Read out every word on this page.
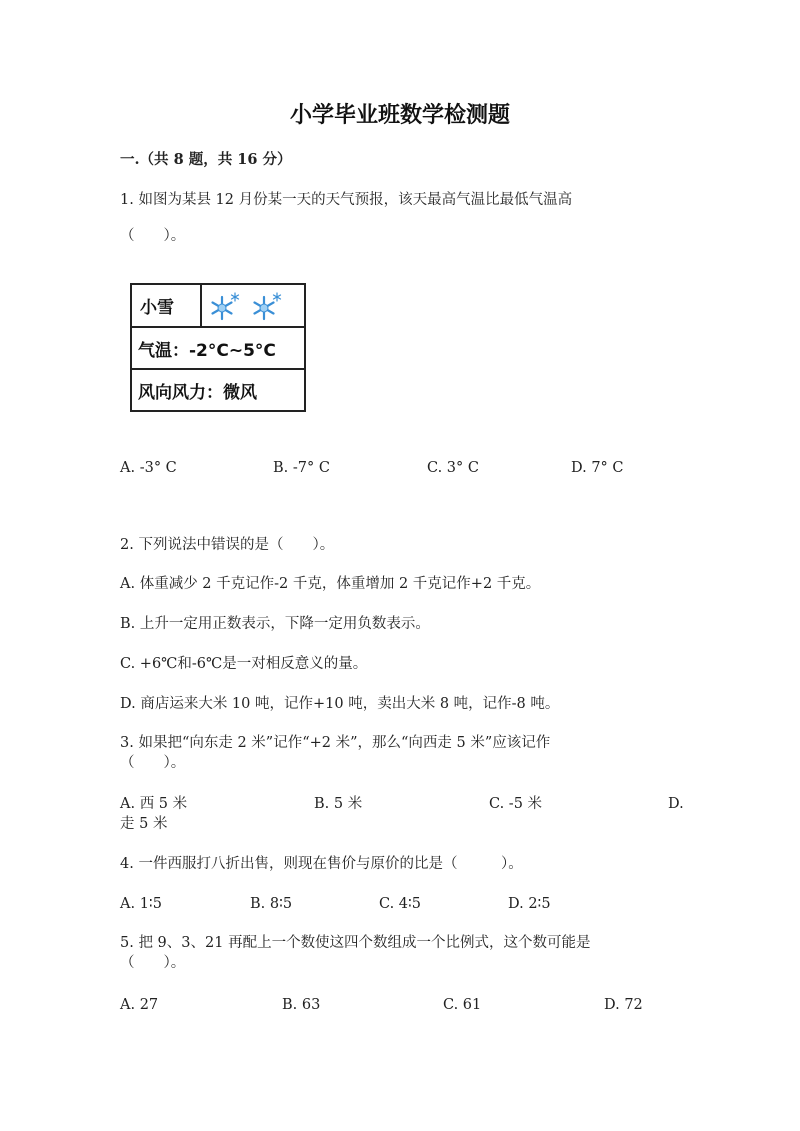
小学毕业班数学检测题
一.（共 8 题，共 16 分）
1. 如图为某县 12 月份某一天的天气预报，该天最高气温比最低气温高
（　　）。
小雪
气温：-2°C~5°C
风向风力：微风
A. -3° C	B. -7° C	C. 3° C	D. 7° C
2. 下列说法中错误的是（　　）。
A. 体重减少 2 千克记作-2 千克，体重增加 2 千克记作+2 千克。
B. 上升一定用正数表示，下降一定用负数表示。
C. +6℃和-6℃是一对相反意义的量。
D. 商店运来大米 10 吨，记作+10 吨，卖出大米 8 吨，记作-8 吨。
3. 如果把“向东走 2 米”记作“+2 米”，那么“向西走 5 米”应该记作
（　　）。
A. 西 5 米	B. 5 米	C. -5 米	D.
走 5 米
4. 一件西服打八折出售，则现在售价与原价的比是（　　　）。
A. 1∶5	B. 8∶5	C. 4∶5	D. 2∶5
5. 把 9、3、21 再配上一个数使这四个数组成一个比例式，这个数可能是
（　　）。
A. 27	B. 63	C. 61	D. 72
